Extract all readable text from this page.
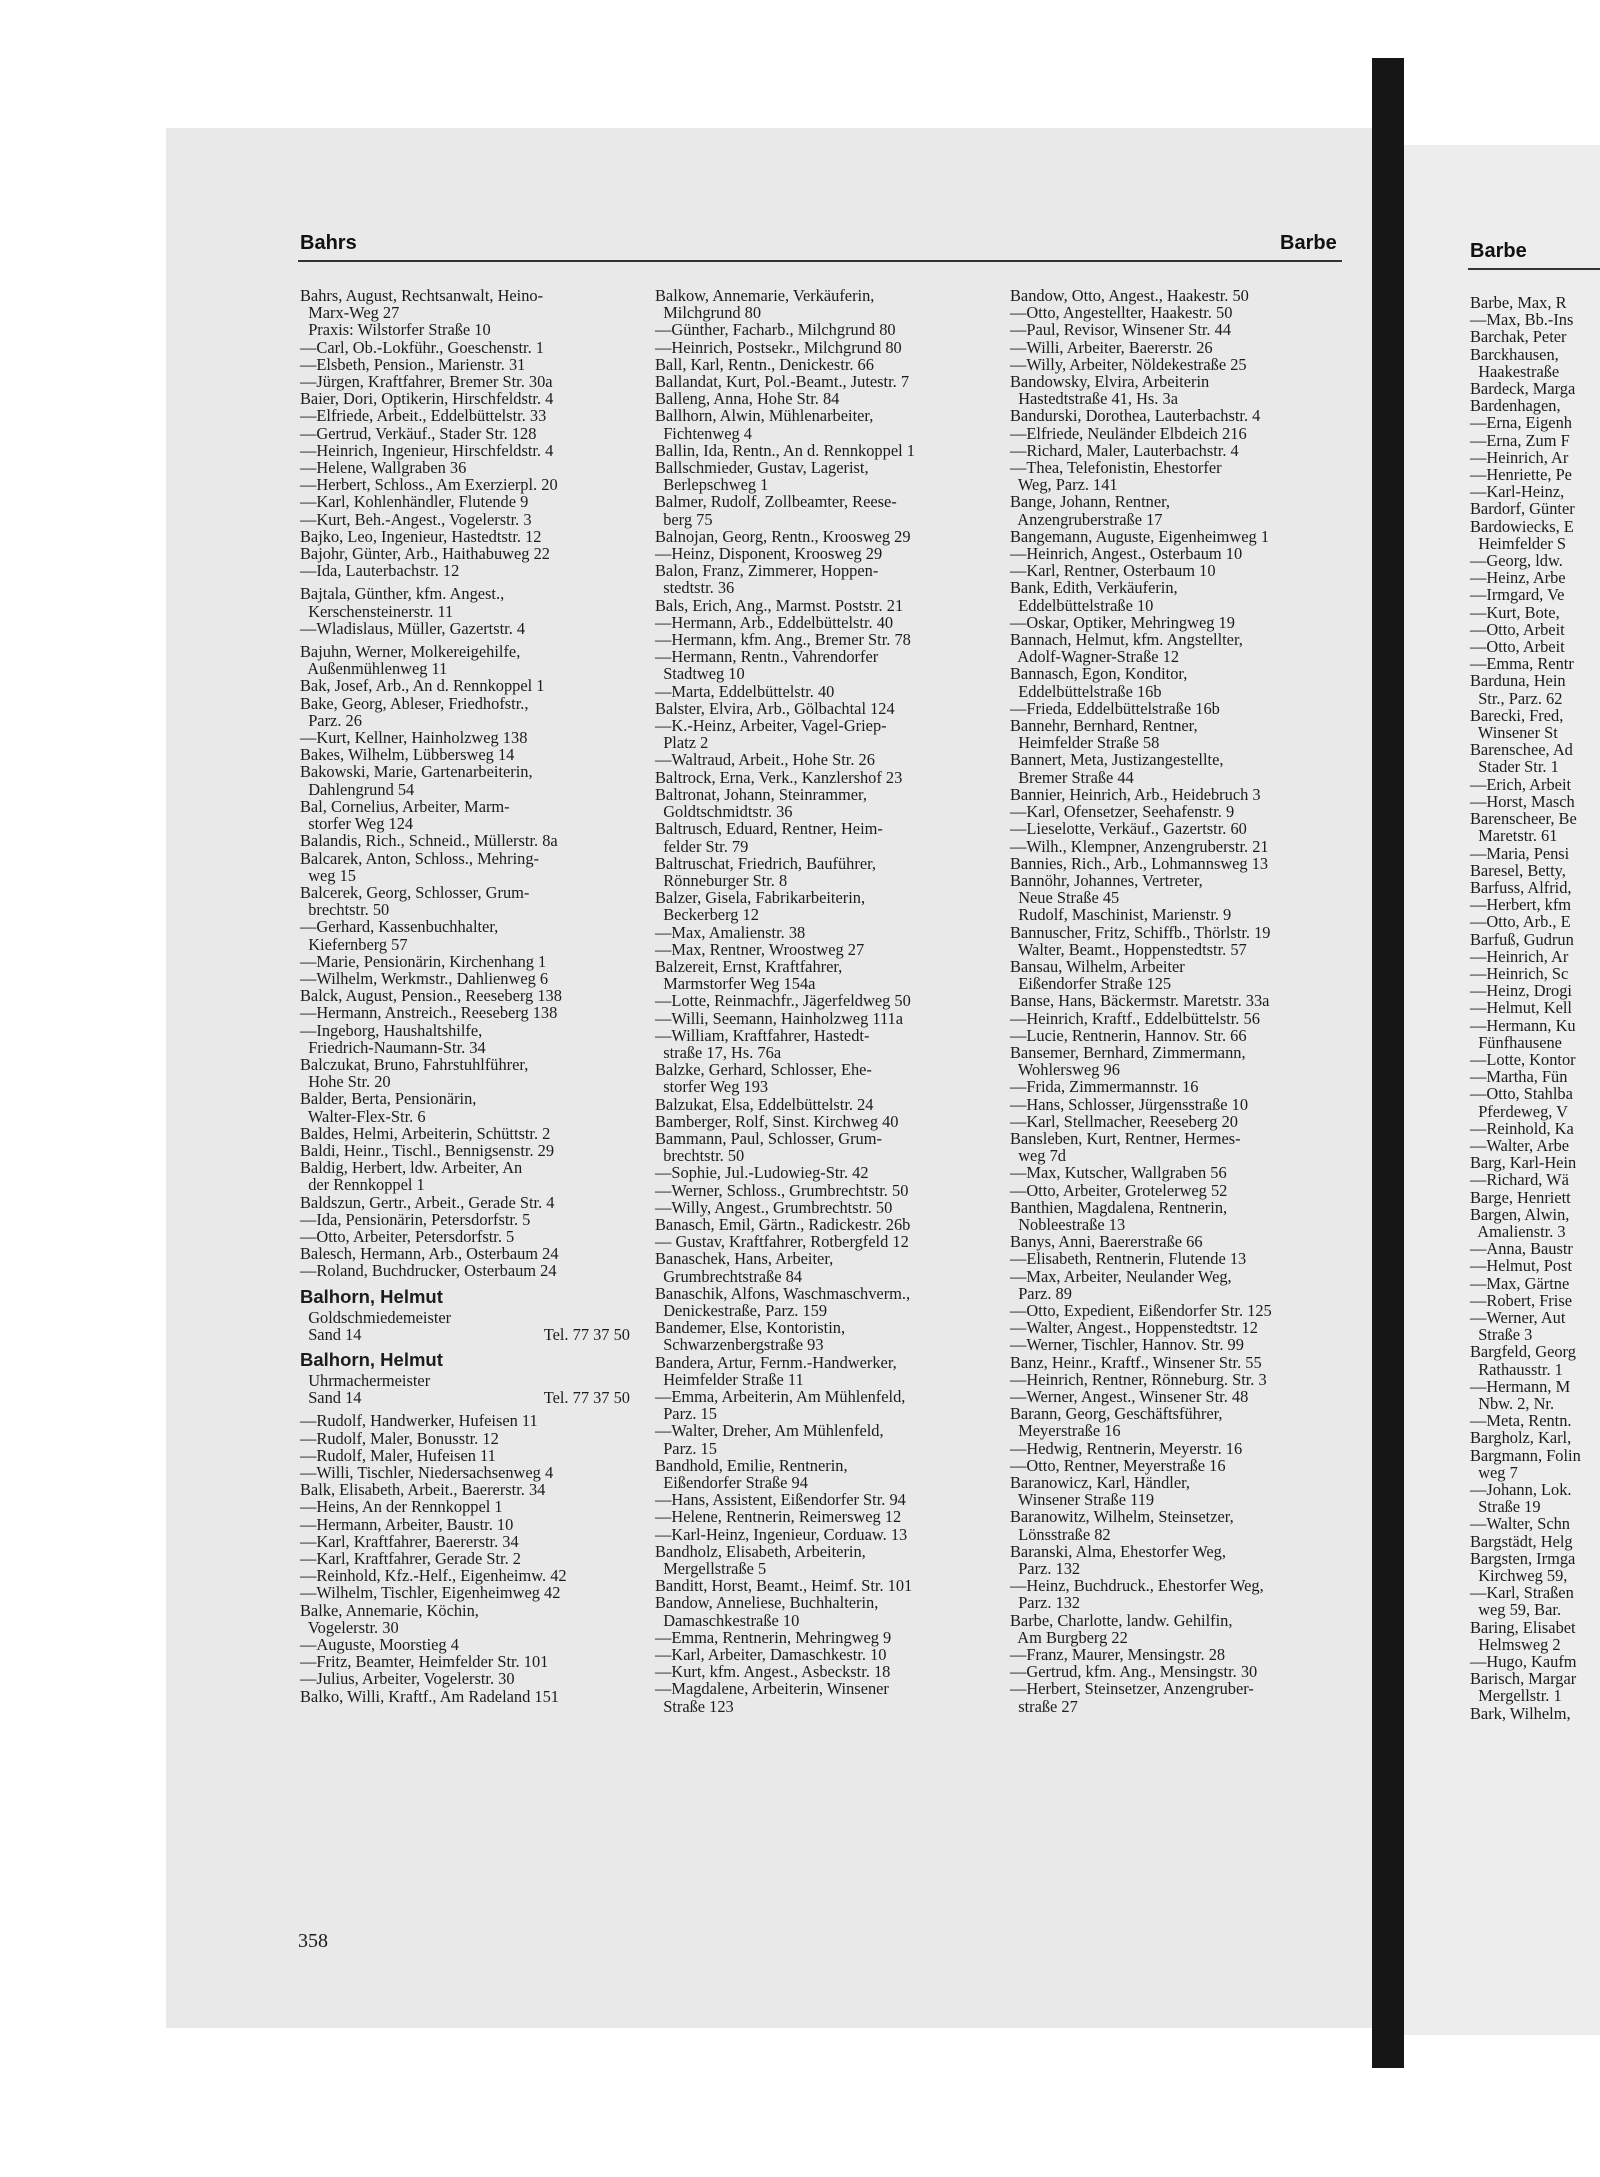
Bahrs	Barbe
Bahrs, August, Rechtsanwalt, Heino-
Marx-Weg 27
Praxis: Wilstorfer Straße 10
—Carl, Ob.-Lokführ., Goeschenstr. 1
—Elsbeth, Pension., Marienstr. 31
—Jürgen, Kraftfahrer, Bremer Str. 30a
Baier, Dori, Optikerin, Hirschfeldstr. 4
—Elfriede, Arbeit., Eddelbüttelstr. 33
—Gertrud, Verkäuf., Stader Str. 128
—Heinrich, Ingenieur, Hirschfeldstr. 4
—Helene, Wallgraben 36
—Herbert, Schloss., Am Exerzierpl. 20
—Karl, Kohlenhändler, Flutende 9
—Kurt, Beh.-Angest., Vogelerstr. 3
Bajko, Leo, Ingenieur, Hastedtstr. 12
Bajohr, Günter, Arb., Haithabuweg 22
—Ida, Lauterbachstr. 12
Bajtala, Günther, kfm. Angest.,
Kerschensteinerstr. 11
—Wladislaus, Müller, Gazertstr. 4
Bajuhn, Werner, Molkereigehilfe,
Außenmühlenweg 11
Bak, Josef, Arb., An d. Rennkoppel 1
Bake, Georg, Ableser, Friedhofstr.,
Parz. 26
—Kurt, Kellner, Hainholzweg 138
Bakes, Wilhelm, Lübbersweg 14
Bakowski, Marie, Gartenarbeiterin,
Dahlengrund 54
Bal, Cornelius, Arbeiter, Marm-
storfer Weg 124
Balandis, Rich., Schneid., Müllerstr. 8a
Balcarek, Anton, Schloss., Mehring-
weg 15
Balcerek, Georg, Schlosser, Grum-
brechtstr. 50
—Gerhard, Kassenbuchhalter,
Kiefernberg 57
—Marie, Pensionärin, Kirchenhang 1
—Wilhelm, Werkmstr., Dahlienweg 6
Balck, August, Pension., Reeseberg 138
—Hermann, Anstreich., Reeseberg 138
—Ingeborg, Haushaltshilfe,
Friedrich-Naumann-Str. 34
Balczukat, Bruno, Fahrstuhlführer,
Hohe Str. 20
Balder, Berta, Pensionärin,
Walter-Flex-Str. 6
Baldes, Helmi, Arbeiterin, Schüttstr. 2
Baldi, Heinr., Tischl., Bennigsenstr. 29
Baldig, Herbert, ldw. Arbeiter, An
der Rennkoppel 1
Baldszun, Gertr., Arbeit., Gerade Str. 4
—Ida, Pensionärin, Petersdorfstr. 5
—Otto, Arbeiter, Petersdorfstr. 5
Balesch, Hermann, Arb., Osterbaum 24
—Roland, Buchdrucker, Osterbaum 24
Balhorn, Helmut
Goldschmiedemeister
Sand 14	Tel. 77 37 50
Balhorn, Helmut
Uhrmachermeister
Sand 14	Tel. 77 37 50
—Rudolf, Handwerker, Hufeisen 11
—Rudolf, Maler, Bonusstr. 12
—Rudolf, Maler, Hufeisen 11
—Willi, Tischler, Niedersachsenweg 4
Balk, Elisabeth, Arbeit., Baererstr. 34
—Heins, An der Rennkoppel 1
—Hermann, Arbeiter, Baustr. 10
—Karl, Kraftfahrer, Baererstr. 34
—Karl, Kraftfahrer, Gerade Str. 2
—Reinhold, Kfz.-Helf., Eigenheimw. 42
—Wilhelm, Tischler, Eigenheimweg 42
Balke, Annemarie, Köchin,
Vogelerstr. 30
—Auguste, Moorstieg 4
—Fritz, Beamter, Heimfelder Str. 101
—Julius, Arbeiter, Vogelerstr. 30
Balko, Willi, Kraftf., Am Radeland 151
Balkow, Annemarie, Verkäuferin,
Milchgrund 80
—Günther, Facharb., Milchgrund 80
—Heinrich, Postsekr., Milchgrund 80
Ball, Karl, Rentn., Denickestr. 66
Ballandat, Kurt, Pol.-Beamt., Jutestr. 7
Balleng, Anna, Hohe Str. 84
Ballhorn, Alwin, Mühlenarbeiter,
Fichtenweg 4
Ballin, Ida, Rentn., An d. Rennkoppel 1
Ballschmieder, Gustav, Lagerist,
Berlepschweg 1
Balmer, Rudolf, Zollbeamter, Reese-
berg 75
Balnojan, Georg, Rentn., Kroosweg 29
—Heinz, Disponent, Kroosweg 29
Balon, Franz, Zimmerer, Hoppen-
stedtstr. 36
Bals, Erich, Ang., Marmst. Poststr. 21
—Hermann, Arb., Eddelbüttelstr. 40
—Hermann, kfm. Ang., Bremer Str. 78
—Hermann, Rentn., Vahrendorfer
Stadtweg 10
—Marta, Eddelbüttelstr. 40
Balster, Elvira, Arb., Gölbachtal 124
—K.-Heinz, Arbeiter, Vagel-Griep-
Platz 2
—Waltraud, Arbeit., Hohe Str. 26
Baltrock, Erna, Verk., Kanzlershof 23
Baltronat, Johann, Steinrammer,
Goldtschmidtstr. 36
Baltrusch, Eduard, Rentner, Heim-
felder Str. 79
Baltruschat, Friedrich, Bauführer,
Rönneburger Str. 8
Balzer, Gisela, Fabrikarbeiterin,
Beckerberg 12
—Max, Amalienstr. 38
—Max, Rentner, Wroostweg 27
Balzereit, Ernst, Kraftfahrer,
Marmstorfer Weg 154a
—Lotte, Reinmachfr., Jägerfeldweg 50
—Willi, Seemann, Hainholzweg 111a
—William, Kraftfahrer, Hastedt-
straße 17, Hs. 76a
Balzke, Gerhard, Schlosser, Ehe-
storfer Weg 193
Balzukat, Elsa, Eddelbüttelstr. 24
Bamberger, Rolf, Sinst. Kirchweg 40
Bammann, Paul, Schlosser, Grum-
brechtstr. 50
—Sophie, Jul.-Ludowieg-Str. 42
—Werner, Schloss., Grumbrechtstr. 50
—Willy, Angest., Grumbrechtstr. 50
Banasch, Emil, Gärtn., Radickestr. 26b
— Gustav, Kraftfahrer, Rotbergfeld 12
Banaschek, Hans, Arbeiter,
Grumbrechtstraße 84
Banaschik, Alfons, Waschmaschverm.,
Denickestraße, Parz. 159
Bandemer, Else, Kontoristin,
Schwarzenbergstraße 93
Bandera, Artur, Fernm.-Handwerker,
Heimfelder Straße 11
—Emma, Arbeiterin, Am Mühlenfeld,
Parz. 15
—Walter, Dreher, Am Mühlenfeld,
Parz. 15
Bandhold, Emilie, Rentnerin,
Eißendorfer Straße 94
—Hans, Assistent, Eißendorfer Str. 94
—Helene, Rentnerin, Reimersweg 12
—Karl-Heinz, Ingenieur, Corduaw. 13
Bandholz, Elisabeth, Arbeiterin,
Mergellstraße 5
Banditt, Horst, Beamt., Heimf. Str. 101
Bandow, Anneliese, Buchhalterin,
Damaschkestraße 10
—Emma, Rentnerin, Mehringweg 9
—Karl, Arbeiter, Damaschkestr. 10
—Kurt, kfm. Angest., Asbeckstr. 18
—Magdalene, Arbeiterin, Winsener
Straße 123
Bandow, Otto, Angest., Haakestr. 50
—Otto, Angestellter, Haakestr. 50
—Paul, Revisor, Winsener Str. 44
—Willi, Arbeiter, Baererstr. 26
—Willy, Arbeiter, Nöldekestraße 25
Bandowsky, Elvira, Arbeiterin
Hastedtstraße 41, Hs. 3a
Bandurski, Dorothea, Lauterbachstr. 4
—Elfriede, Neuländer Elbdeich 216
—Richard, Maler, Lauterbachstr. 4
—Thea, Telefonistin, Ehestorfer
Weg, Parz. 141
Bange, Johann, Rentner,
Anzengruberstraße 17
Bangemann, Auguste, Eigenheimweg 1
—Heinrich, Angest., Osterbaum 10
—Karl, Rentner, Osterbaum 10
Bank, Edith, Verkäuferin,
Eddelbüttelstraße 10
—Oskar, Optiker, Mehringweg 19
Bannach, Helmut, kfm. Angstellter,
Adolf-Wagner-Straße 12
Bannasch, Egon, Konditor,
Eddelbüttelstraße 16b
—Frieda, Eddelbüttelstraße 16b
Bannehr, Bernhard, Rentner,
Heimfelder Straße 58
Bannert, Meta, Justizangestellte,
Bremer Straße 44
Bannier, Heinrich, Arb., Heidebruch 3
—Karl, Ofensetzer, Seehafenstr. 9
—Lieselotte, Verkäuf., Gazertstr. 60
—Wilh., Klempner, Anzengruberstr. 21
Bannies, Rich., Arb., Lohmannsweg 13
Bannöhr, Johannes, Vertreter,
Neue Straße 45
Rudolf, Maschinist, Marienstr. 9
Bannuscher, Fritz, Schiffb., Thörlstr. 19
Walter, Beamt., Hoppenstedtstr. 57
Bansau, Wilhelm, Arbeiter
Eißendorfer Straße 125
Banse, Hans, Bäckermstr. Maretstr. 33a
—Heinrich, Kraftf., Eddelbüttelstr. 56
—Lucie, Rentnerin, Hannov. Str. 66
Bansemer, Bernhard, Zimmermann,
Wohlersweg 96
—Frida, Zimmermannstr. 16
—Hans, Schlosser, Jürgensstraße 10
—Karl, Stellmacher, Reeseberg 20
Bansleben, Kurt, Rentner, Hermes-
weg 7d
—Max, Kutscher, Wallgraben 56
—Otto, Arbeiter, Grotelerweg 52
Banthien, Magdalena, Rentnerin,
Nobleestraße 13
Banys, Anni, Baererstraße 66
—Elisabeth, Rentnerin, Flutende 13
—Max, Arbeiter, Neulander Weg,
Parz. 89
—Otto, Expedient, Eißendorfer Str. 125
—Walter, Angest., Hoppenstedtstr. 12
—Werner, Tischler, Hannov. Str. 99
Banz, Heinr., Kraftf., Winsener Str. 55
—Heinrich, Rentner, Rönneburg. Str. 3
—Werner, Angest., Winsener Str. 48
Barann, Georg, Geschäftsführer,
Meyerstraße 16
—Hedwig, Rentnerin, Meyerstr. 16
—Otto, Rentner, Meyerstraße 16
Baranowicz, Karl, Händler,
Winsener Straße 119
Baranowitz, Wilhelm, Steinsetzer,
Lönsstraße 82
Baranski, Alma, Ehestorfer Weg,
Parz. 132
—Heinz, Buchdruck., Ehestorfer Weg,
Parz. 132
Barbe, Charlotte, landw. Gehilfin,
Am Burgberg 22
—Franz, Maurer, Mensingstr. 28
—Gertrud, kfm. Ang., Mensingstr. 30
—Herbert, Steinsetzer, Anzengruber-
straße 27
358
Barbe
Barbe, Max, R
—Max, Bb.-Ins
Barchak, Peter
Barckhausen,
Haakestraße
Bardeck, Marga
Bardenhagen,
—Erna, Eigenh
—Erna, Zum F
—Heinrich, Ar
—Henriette, Pe
—Karl-Heinz,
Bardorf, Günter
Bardowiecks, E
Heimfelder S
—Georg, ldw.
—Heinz, Arbe
—Irmgard, Ve
—Kurt, Bote,
—Otto, Arbeit
—Otto, Arbeit
—Emma, Rentr
Barduna, Hein
Str., Parz. 62
Barecki, Fred,
Winsener St
Barenschee, Ad
Stader Str. 1
—Erich, Arbeit
—Horst, Masch
Barenscheer, Be
Maretstr. 61
—Maria, Pensi
Baresel, Betty,
Barfuss, Alfrid,
—Herbert, kfm
—Otto, Arb., E
Barfuß, Gudrun
—Heinrich, Ar
—Heinrich, Sc
—Heinz, Drogi
—Helmut, Kell
—Hermann, Ku
Fünfhausene
—Lotte, Kontor
—Martha, Fün
—Otto, Stahlba
Pferdeweg, V
—Reinhold, Ka
—Walter, Arbe
Barg, Karl-Hein
—Richard, Wä
Barge, Henriett
Bargen, Alwin,
Amalienstr. 3
—Anna, Baustr
—Helmut, Post
—Max, Gärtne
—Robert, Frise
—Werner, Aut
Straße 3
Bargfeld, Georg
Rathausstr. 1
—Hermann, M
Nbw. 2, Nr.
—Meta, Rentn.
Bargholz, Karl,
Bargmann, Folin
weg 7
—Johann, Lok.
Straße 19
—Walter, Schn
Bargstädt, Helg
Bargsten, Irmga
Kirchweg 59,
—Karl, Straßen
weg 59, Bar.
Baring, Elisabet
Helmsweg 2
—Hugo, Kaufm
Barisch, Margar
Mergellstr. 1
Bark, Wilhelm,
